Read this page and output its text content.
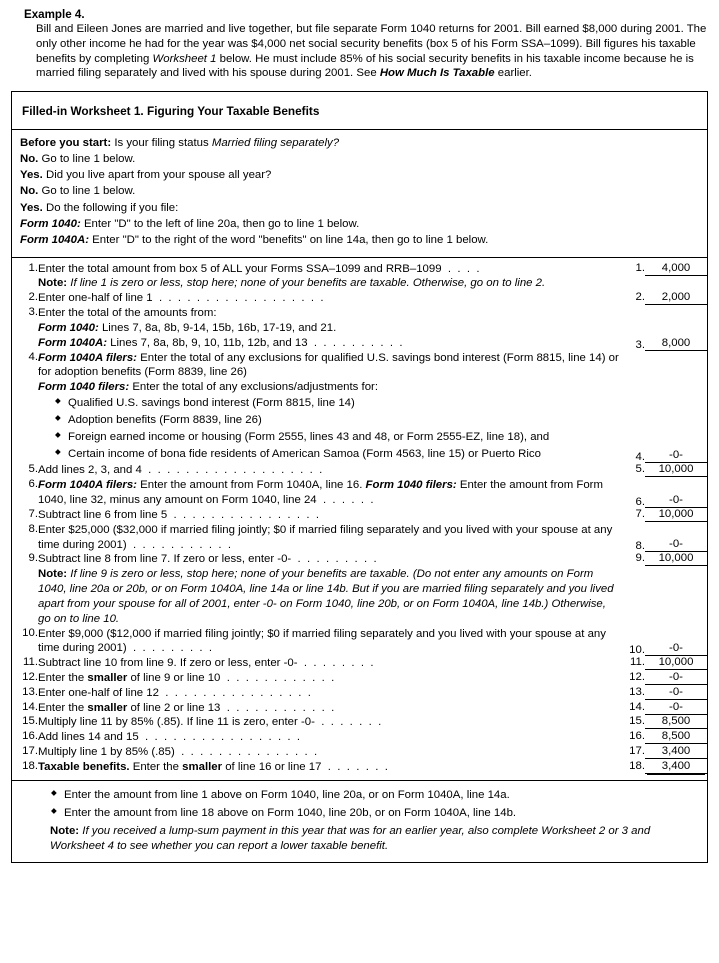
Example 4.
Bill and Eileen Jones are married and live together, but file separate Form 1040 returns for 2001. Bill earned $8,000 during 2001. The only other income he had for the year was $4,000 net social security benefits (box 5 of his Form SSA–1099). Bill figures his taxable benefits by completing Worksheet 1 below. He must include 85% of his social security benefits in his taxable income because he is married filing separately and lived with his spouse during 2001. See How Much Is Taxable earlier.
Filled-in Worksheet 1. Figuring Your Taxable Benefits
Before you start: Is your filing status Married filing separately?
No. Go to line 1 below.
Yes. Did you live apart from your spouse all year?
No. Go to line 1 below.
Yes. Do the following if you file:
Form 1040: Enter "D" to the left of line 20a, then go to line 1 below.
Form 1040A: Enter "D" to the right of the word "benefits" on line 14a, then go to line 1 below.
1.	Enter the total amount from box 5 of ALL your Forms SSA–1099 and RRB–1099  .  .  .  .
Note: If line 1 is zero or less, stop here; none of your benefits are taxable. Otherwise, go on to line 2.	1.	4,000

2.	Enter one-half of line 1  .  .  .  .  .  .  .  .  .  .  .  .  .  .  .  .  .  .	2.	2,000

3.	Enter the total of the amounts from:
Form 1040: Lines 7, 8a, 8b, 9-14, 15b, 16b, 17-19, and 21.
Form 1040A: Lines 7, 8a, 8b, 9, 10, 11b, 12b, and 13  .  .  .  .  .  .  .  .  .  .	3.	8,000

4.	Form 1040A filers: Enter the total of any exclusions for qualified U.S. savings bond interest (Form 8815, line 14) or for adoption benefits (Form 8839, line 26)
Form 1040 filers: Enter the total of any exclusions/adjustments for:
◆ Qualified U.S. savings bond interest (Form 8815, line 14)
◆ Adoption benefits (Form 8839, line 26)
◆ Foreign earned income or housing (Form 2555, lines 43 and 48, or Form 2555-EZ, line 18), and
◆ Certain income of bona fide residents of American Samoa (Form 4563, line 15) or Puerto Rico	4.	-0-

5.	Add lines 2, 3, and 4  .  .  .  .  .  .  .  .  .  .  .  .  .  .  .  .  .  .  .	5.	10,000

6.	Form 1040A filers: Enter the amount from Form 1040A, line 16. Form 1040 filers: Enter the amount from Form 1040, line 32, minus any amount on Form 1040, line 24  .  .  .  .  .  .	6.	-0-

7.	Subtract line 6 from line 5  .  .  .  .  .  .  .  .  .  .  .  .  .  .  .  .	7.	10,000

8.	Enter $25,000 ($32,000 if married filing jointly; $0 if married filing separately and you lived with your spouse at any time during 2001)  .  .  .  .  .  .  .  .  .  .  .	8.	-0-

9.	Subtract line 8 from line 7. If zero or less, enter -0-  .  .  .  .  .  .  .  .  .
Note: If line 9 is zero or less, stop here; none of your benefits are taxable. (Do not enter any amounts on Form 1040, line 20a or 20b, or on Form 1040A, line 14a or line 14b. But if you are married filing separately and you lived apart from your spouse for all of 2001, enter -0- on Form 1040, line 20b, or on Form 1040A, line 14b.) Otherwise, go on to line 10.	9.	10,000

10.	Enter $9,000 ($12,000 if married filing jointly; $0 if married filing separately and you lived with your spouse at any time during 2001)  .  .  .  .  .  .  .  .  .	10.	-0-

11.	Subtract line 10 from line 9. If zero or less, enter -0-  .  .  .  .  .  .  .  .	11.	10,000

12.	Enter the smaller of line 9 or line 10  .  .  .  .  .  .  .  .  .  .  .  .	12.	-0-

13.	Enter one-half of line 12  .  .  .  .  .  .  .  .  .  .  .  .  .  .  .  .	13.	-0-

14.	Enter the smaller of line 2 or line 13  .  .  .  .  .  .  .  .  .  .  .  .	14.	-0-

15.	Multiply line 11 by 85% (.85). If line 11 is zero, enter -0-  .  .  .  .  .  .  .	15.	8,500

16.	Add lines 14 and 15  .  .  .  .  .  .  .  .  .  .  .  .  .  .  .  .  .	16.	8,500

17.	Multiply line 1 by 85% (.85)  .  .  .  .  .  .  .  .  .  .  .  .  .  .  .	17.	3,400

18.	Taxable benefits. Enter the smaller of line 16 or line 17  .  .  .  .  .  .  .	18.	3,400
◆ Enter the amount from line 1 above on Form 1040, line 20a, or on Form 1040A, line 14a.
◆ Enter the amount from line 18 above on Form 1040, line 20b, or on Form 1040A, line 14b.
Note: If you received a lump-sum payment in this year that was for an earlier year, also complete Worksheet 2 or 3 and Worksheet 4 to see whether you can report a lower taxable benefit.
